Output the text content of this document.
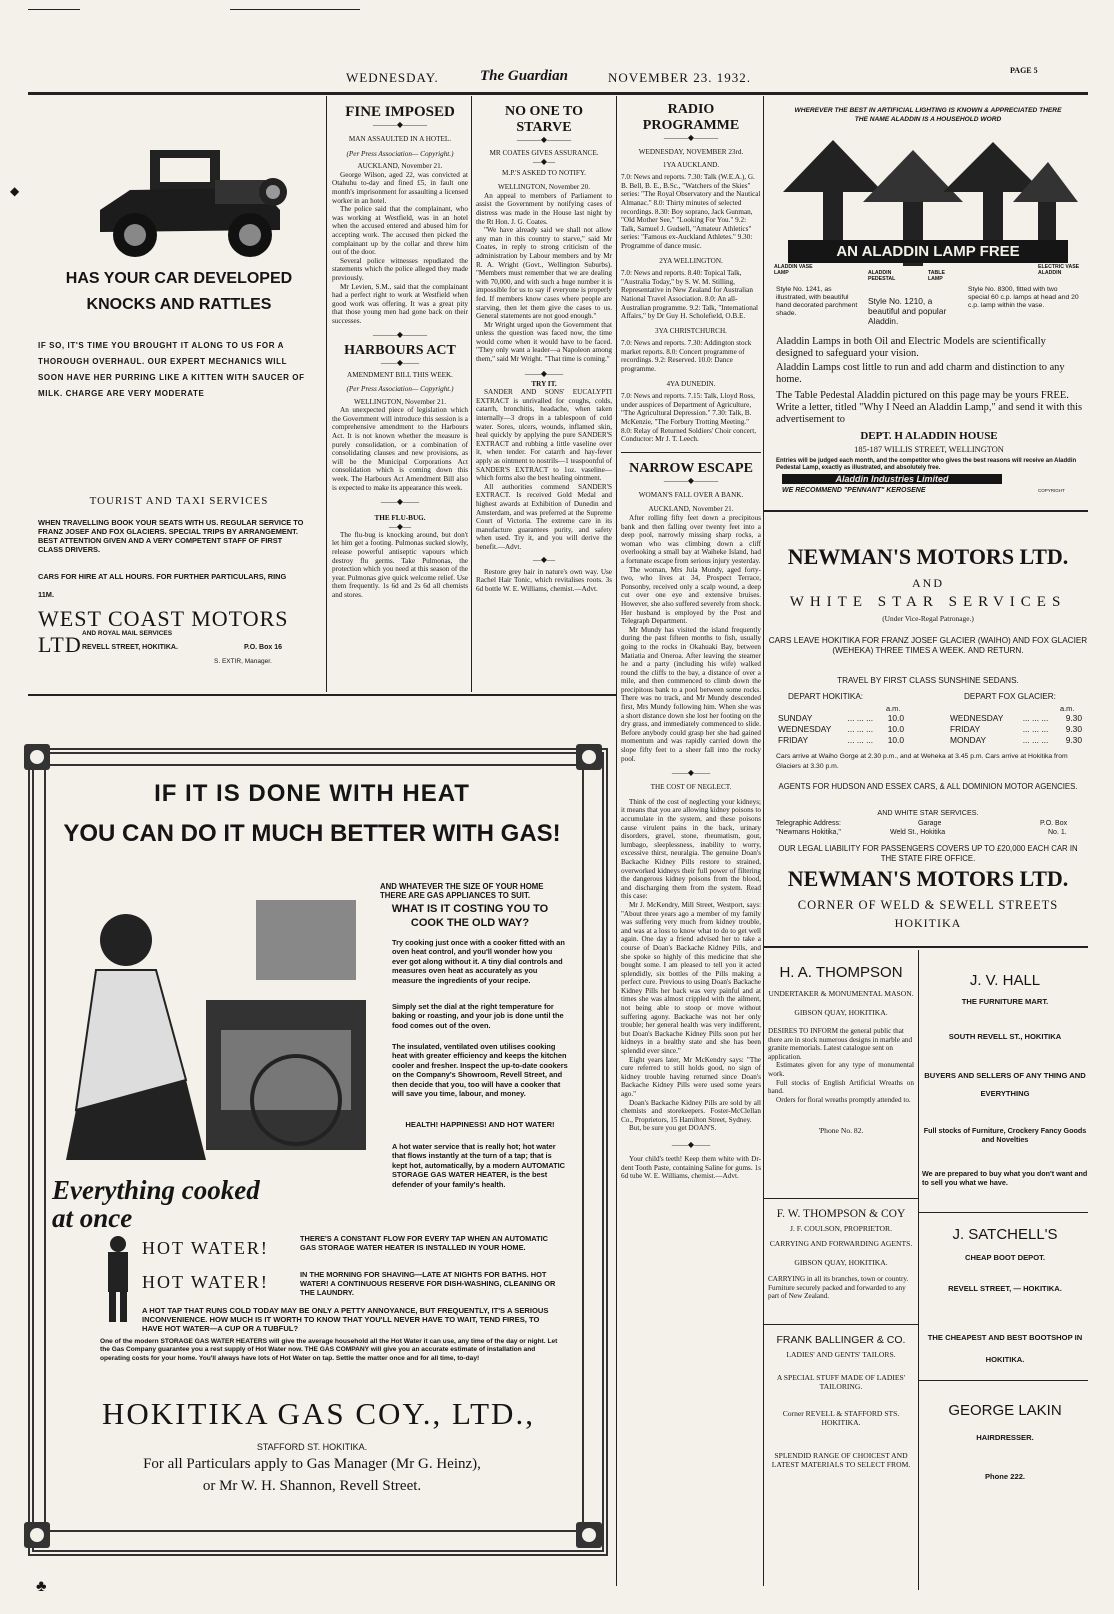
WEDNESDAY.	The Guardian	NOVEMBER 23. 1932.	PAGE 5
HAS YOUR CAR DEVELOPED
KNOCKS AND RATTLES
IF SO, IT'S TIME YOU BROUGHT IT ALONG TO US FOR A THOROUGH OVERHAUL. OUR EXPERT MECHANICS WILL SOON HAVE HER PURRING LIKE A KITTEN WITH SAUCER OF MILK. CHARGE ARE VERY MODERATE
TOURIST AND TAXI SERVICES
WHEN TRAVELLING BOOK YOUR SEATS WITH US. REGULAR SERVICE TO FRANZ JOSEF AND FOX GLACIERS. SPECIAL TRIPS BY ARRANGEMENT. BEST ATTENTION GIVEN AND A VERY COMPETENT STAFF OF FIRST CLASS DRIVERS.
CARS FOR HIRE AT ALL HOURS. FOR FURTHER PARTICULARS, RING 11M.
WEST COAST MOTORS LTD AND ROYAL MAIL SERVICES
REVELL STREET, HOKITIKA.	P.O. Box 16
S. EXTIR, Manager.
FINE IMPOSED
———◆———
MAN ASSAULTED IN A HOTEL.
(Per Press Association— Copyright.)
AUCKLAND, November 21.

George Wilson, aged 22, was convicted at Otahuhu to-day and fined £5, in fault one month's imprisonment for assaulting a licensed worker in an hotel.

The police said that the complainant, who was working at Westfield, was in an hotel when the accused entered and abused him for accepting work. The accused then picked the complainant up by the collar and threw him out of the door.

Several police witnesses repudiated the statements which the police alleged they made previously.

Mr Levien, S.M., said that the complainant had a perfect right to work at Westfield when good work was offering. It was a great pity that those young men had gone back on their successes.

———◆———
HARBOURS ACT
——◆——
AMENDMENT BILL THIS WEEK.
(Per Press Association— Copyright.)
WELLINGTON, November 21.

An unexpected piece of legislation which the Government will introduce this session is a comprehensive amendment to the Harbours Act. It is not known whether the measure is purely consolidation, or a combination of consolidating clauses and new provisions, as will be the Municipal Corporations Act consolidation which is coming down this week. The Harbours Act Amendment Bill also is expected to make its appearance this week.

——◆——
THE FLU-BUG.
—◆—

The flu-bug is knocking around, but don't let him get a footing. Pulmonas sucked slowly, release powerful antiseptic vapours which destroy flu germs. Take Pulmonas, the protection which you need at this season of the year. Pulmonas give quick welcome relief. Use them frequently. 1s 6d and 2s 6d all chemists and stores.

NO ONE TO STARVE
———◆———
MR COATES GIVES ASSURANCE.
—◆—
M.P.'S ASKED TO NOTIFY.
WELLINGTON, November 20.

An appeal to members of Parliament to assist the Government by notifying cases of distress was made in the House last night by the Rt Hon. J. G. Coates.

"We have already said we shall not allow any man in this country to starve," said Mr Coates, in reply to strong criticism of the administration by Labour members and by Mr R. A. Wright (Govt., Wellington Suburbs). "Members must remember that we are dealing with 70,000, and with such a huge number it is impossible for us to say if everyone is properly fed. If members know cases where people are starving, then let them give the cases to us. General statements are not good enough."

Mr Wright urged upon the Government that unless the question was faced now, the time would come when it would have to be faced. "They only want a leader—a Napoleon among them," said Mr Wright. "That time is coming."

——◆——
TRY IT.

SANDER AND SONS' EUCALYPTI EXTRACT is unrivalled for coughs, colds, catarrh, bronchitis, headache, when taken internally—3 drops in a tablespoon of cold water. Sores, ulcers, wounds, inflamed skin, heal quickly by applying the pure SANDER'S EXTRACT and rubbing a little vaseline over it, when tender. For catarrh and hay-fever apply as ointment to nostrils—1 teaspoonful of SANDER'S EXTRACT to 1oz. vaseline—which forms also the best healing ointment.

All authorities commend SANDER'S EXTRACT. Is received Gold Medal and highest awards at Exhibition of Dunedin and Amsterdam, and was preferred at the Supreme Court of Victoria. The extreme care in its manufacture guarantees purity, and safety when used. Try it, and you will derive the benefit.—Advt.

—◆—

Restore grey hair in nature's own way. Use Rachel Hair Tonic, which revitalises roots. 3s 6d bottle W. E. Williams, chemist.—Advt.

RADIO PROGRAMME
———◆———
WEDNESDAY, NOVEMBER 23rd.
1YA AUCKLAND.

7.0: News and reports. 7.30: Talk (W.E.A.), G. B. Bell, B. E., B.Sc., "Watchers of the Skies" series: "The Royal Observatory and the Nautical Almanac." 8.0: Thirty minutes of selected recordings. 8.30: Boy soprano, Jack Gunman, "Old Mother See," "Looking For You." 9.2: Talk, Samuel J. Gudsell, "Amateur Athletics" series: "Famous ex-Auckland Athletes." 9.30: Programme of dance music.

2YA WELLINGTON.

7.0: News and reports. 8.40: Topical Talk, "Australia Today," by S. W. M. Stilling, Representative in New Zealand for Australian National Travel Association. 8.0: An all-Australian programme. 9.2: Talk, "International Affairs," by Dr Guy H. Scholefield, O.B.E.

3YA CHRISTCHURCH.

7.0: News and reports. 7.30: Addington stock market reports. 8.0: Concert programme of recordings. 9.2: Reserved. 10.0: Dance programme.

4YA DUNEDIN.

7.0: News and reports. 7.15: Talk, Lloyd Ross, under auspices of Department of Agriculture, "The Agricultural Depression." 7.30: Talk, B. McKenzie, "The Forbury Trotting Meeting." 8.0: Relay of Returned Soldiers' Choir concert, Conductor: Mr J. T. Leech.

NARROW ESCAPE
———◆———
WOMAN'S FALL OVER A BANK.
AUCKLAND, November 21.

After rolling fifty feet down a precipitous bank and then falling over twenty feet into a deep pool, narrowly missing sharp rocks, a woman who was climbing down a cliff overlooking a small bay at Waiheke Island, had a fortunate escape from serious injury yesterday.

The woman, Mrs Jula Mundy, aged forty-two, who lives at 34, Prospect Terrace, Ponsonby, received only a scalp wound, a deep cut over one eye and extensive bruises. However, she also suffered severely from shock. Her husband is employed by the Post and Telegraph Department.

Mr Mundy has visited the island frequently during the past fifteen months to fish, usually going to the rocks in Okahuaki Bay, between Matiatia and Oneroa. After leaving the steamer he and a party (including his wife) walked round the cliffs to the bay, a distance of over a mile, and then commenced to climb down the precipitous bank to a pool between some rocks. There was no track, and Mr Mundy descended first, Mrs Mundy following him. When she was a short distance down she lost her footing on the dry grass, and immediately commenced to slide. Before anybody could grasp her she had gained momentum and was rapidly carried down the slope fifty feet to a sheer fall into the rocky pool.

——◆——
THE COST OF NEGLECT.

Think of the cost of neglecting your kidneys; it means that you are allowing kidney poisons to accumulate in the system, and these poisons cause virulent pains in the back, urinary disorders, gravel, stone, rheumatism, gout, lumbago, sleeplessness, inability to worry, excessive thirst, neuralgia. The genuine Doan's Backache Kidney Pills restore to strained, overworked kidneys their full power of filtering the dangerous kidney poisons from the blood, and discharging them from the system. Read this case:

Mr J. McKendry, Mill Street, Westport, says: "About three years ago a member of my family was suffering very much from kidney trouble, and was at a loss to know what to do to get well again. One day a friend advised her to take a course of Doan's Backache Kidney Pills, and she spoke so highly of this medicine that she bought some. I am pleased to tell you it acted splendidly, six bottles of the Pills making a perfect cure. Previous to using Doan's Backache Kidney Pills her back was very painful and at times she was almost crippled with the ailment, not being able to stoop or move without suffering agony. Backache was not her only trouble; her general health was very indifferent, but Doan's Backache Kidney Pills soon put her kidneys in a healthy state and she has been splendid ever since."

Eight years later, Mr McKendry says: "The cure referred to still holds good, no sign of kidney trouble having returned since Doan's Backache Kidney Pills were used some years ago."

Doan's Backache Kidney Pills are sold by all chemists and storekeepers. Foster-McClellan Co., Proprietors, 15 Hamilton Street, Sydney.

But, be sure you get DOAN'S.

——◆——

Your child's teeth! Keep them white with Dr-dent Tooth Paste, containing Saline for gums. 1s 6d tube W. E. Williams, chemist.—Advt.

WHEREVER THE BEST IN ARTIFICIAL LIGHTING IS KNOWN & APPRECIATED THERE THE NAME ALADDIN IS A HOUSEHOLD WORD
AN ALADDIN LAMP FREE
ALADDIN VASE LAMP	ALADDIN PEDESTAL
TABLE LAMP
ELECTRIC VASE ALADDIN
Style No. 1241, as illustrated, with beautiful hand decorated parchment shade.
Style No. 1210, a beautiful and popular Aladdin.
Style No. 8300, fitted with two special 60 c.p. lamps at head and 20 c.p. lamp within the vase.
Aladdin Lamps in both Oil and Electric Models are scientifically designed to safeguard your vision.
Aladdin Lamps cost little to run and add charm and distinction to any home.
The Table Pedestal Aladdin pictured on this page may be yours FREE. Write a letter, titled "Why I Need an Aladdin Lamp," and send it with this advertisement to
DEPT. H ALADDIN HOUSE
185-187 WILLIS STREET, WELLINGTON
Entries will be judged each month, and the competitor who gives the best reasons will receive an Aladdin Pedestal Lamp, exactly as illustrated, and absolutely free.
Aladdin Industries Limited
WE RECOMMEND "PENNANT" KEROSENE	COPYRIGHT
NEWMAN'S MOTORS LTD.
AND
WHITE STAR SERVICES
(Under Vice-Regal Patronage.)
CARS LEAVE HOKITIKA FOR FRANZ JOSEF GLACIER (WAIHO) AND FOX GLACIER (WEHEKA) THREE TIMES A WEEK. AND RETURN.
TRAVEL BY FIRST CLASS SUNSHINE SEDANS.
DEPART HOKITIKA:	DEPART FOX GLACIER:
a.m.	a.m.
SUNDAY	... ... ...	10.0
WEDNESDAY	... ... ...	10.0
FRIDAY	... ... ...	10.0
WEDNESDAY	... ... ...	9.30
FRIDAY	... ... ...	9.30
MONDAY	... ... ...	9.30
Cars arrive at Waiho Gorge at 2.30 p.m., and at Weheka at 3.45 p.m. Cars arrive at Hokitika from Glaciers at 3.30 p.m.
AGENTS FOR HUDSON AND ESSEX CARS, & ALL DOMINION MOTOR AGENCIES.
AND WHITE STAR SERVICES.
Telegraphic Address:
"Newmans Hokitika,"
Garage
Weld St., Hokitika
P.O. Box
No. 1.
OUR LEGAL LIABILITY FOR PASSENGERS COVERS UP TO £20,000 EACH CAR IN THE STATE FIRE OFFICE.
NEWMAN'S MOTORS LTD.
CORNER OF WELD & SEWELL STREETS
HOKITIKA
H. A. THOMPSON
UNDERTAKER & MONUMENTAL MASON.
GIBSON QUAY, HOKITIKA.

DESIRES TO INFORM the general public that there are in stock numerous designs in marble and granite memorials. Latest catalogue sent on application.

Estimates given for any type of monumental work.

Full stocks of English Artificial Wreaths on hand.

Orders for floral wreaths promptly attended to.

'Phone No. 82.
F. W. THOMPSON & COY
J. F. COULSON, PROPRIETOR.
CARRYING AND FORWARDING AGENTS.
GIBSON QUAY, HOKITIKA.

CARRYING in all its branches, town or country. Furniture securely packed and forwarded to any part of New Zealand.

FRANK BALLINGER & CO.
LADIES' AND GENTS' TAILORS.
A SPECIAL STUFF MADE OF LADIES' TAILORING.
Corner REVELL & STAFFORD STS. HOKITIKA.
SPLENDID RANGE OF CHOICEST AND LATEST MATERIALS TO SELECT FROM.
J. V. HALL
THE FURNITURE MART.
SOUTH REVELL ST., HOKITIKA
BUYERS AND SELLERS OF ANY THING AND EVERYTHING
Full stocks of Furniture, Crockery Fancy Goods and Novelties
We are prepared to buy what you don't want and to sell you what we have.
J. SATCHELL'S
CHEAP BOOT DEPOT.
REVELL STREET, — HOKITIKA.
THE CHEAPEST AND BEST BOOTSHOP IN HOKITIKA.
GEORGE LAKIN
HAIRDRESSER.
Phone 222.
IF IT IS DONE WITH HEAT
YOU CAN DO IT MUCH BETTER WITH GAS!
AND WHATEVER THE SIZE OF YOUR HOME THERE ARE GAS APPLIANCES TO SUIT.
WHAT IS IT COSTING YOU TO COOK THE OLD WAY?
Try cooking just once with a cooker fitted with an oven heat control, and you'll wonder how you ever got along without it. A tiny dial controls and measures oven heat as accurately as you measure the ingredients of your recipe.
Simply set the dial at the right temperature for baking or roasting, and your job is done until the food comes out of the oven.
The insulated, ventilated oven utilises cooking heat with greater efficiency and keeps the kitchen cooler and fresher. Inspect the up-to-date cookers on the Company's Showroom, Revell Street, and then decide that you, too will have a cooker that will save you time, labour, and money.
HEALTH! HAPPINESS! AND HOT WATER!
A hot water service that is really hot; hot water that flows instantly at the turn of a tap; that is kept hot, automatically, by a modern AUTOMATIC STORAGE GAS WATER HEATER, is the best defender of your family's health.
Everything cooked at once
HOT WATER!	THERE'S A CONSTANT FLOW FOR EVERY TAP WHEN AN AUTOMATIC GAS STORAGE WATER HEATER IS INSTALLED IN YOUR HOME.
HOT WATER!	IN THE MORNING FOR SHAVING—LATE AT NIGHTS FOR BATHS. HOT WATER! A CONTINUOUS RESERVE FOR DISH-WASHING, CLEANING OR THE LAUNDRY.
A HOT TAP THAT RUNS COLD TODAY MAY BE ONLY A PETTY ANNOYANCE, BUT FREQUENTLY, IT'S A SERIOUS INCONVENIENCE. HOW MUCH IS IT WORTH TO KNOW THAT YOU'LL NEVER HAVE TO WAIT, TEND FIRES, TO HAVE HOT WATER—A CUP OR A TUBFUL?
One of the modern STORAGE GAS WATER HEATERS will give the average household all the Hot Water it can use, any time of the day or night. Let the Gas Company guarantee you a rest supply of Hot Water now. THE GAS COMPANY will give you an accurate estimate of installation and operating costs for your home. You'll always have lots of Hot Water on tap. Settle the matter once and for all time, to-day!
HOKITIKA GAS COY., LTD.,
STAFFORD ST. HOKITIKA.
For all Particulars apply to Gas Manager (Mr G. Heinz),
or Mr W. H. Shannon, Revell Street.
◆
♣
